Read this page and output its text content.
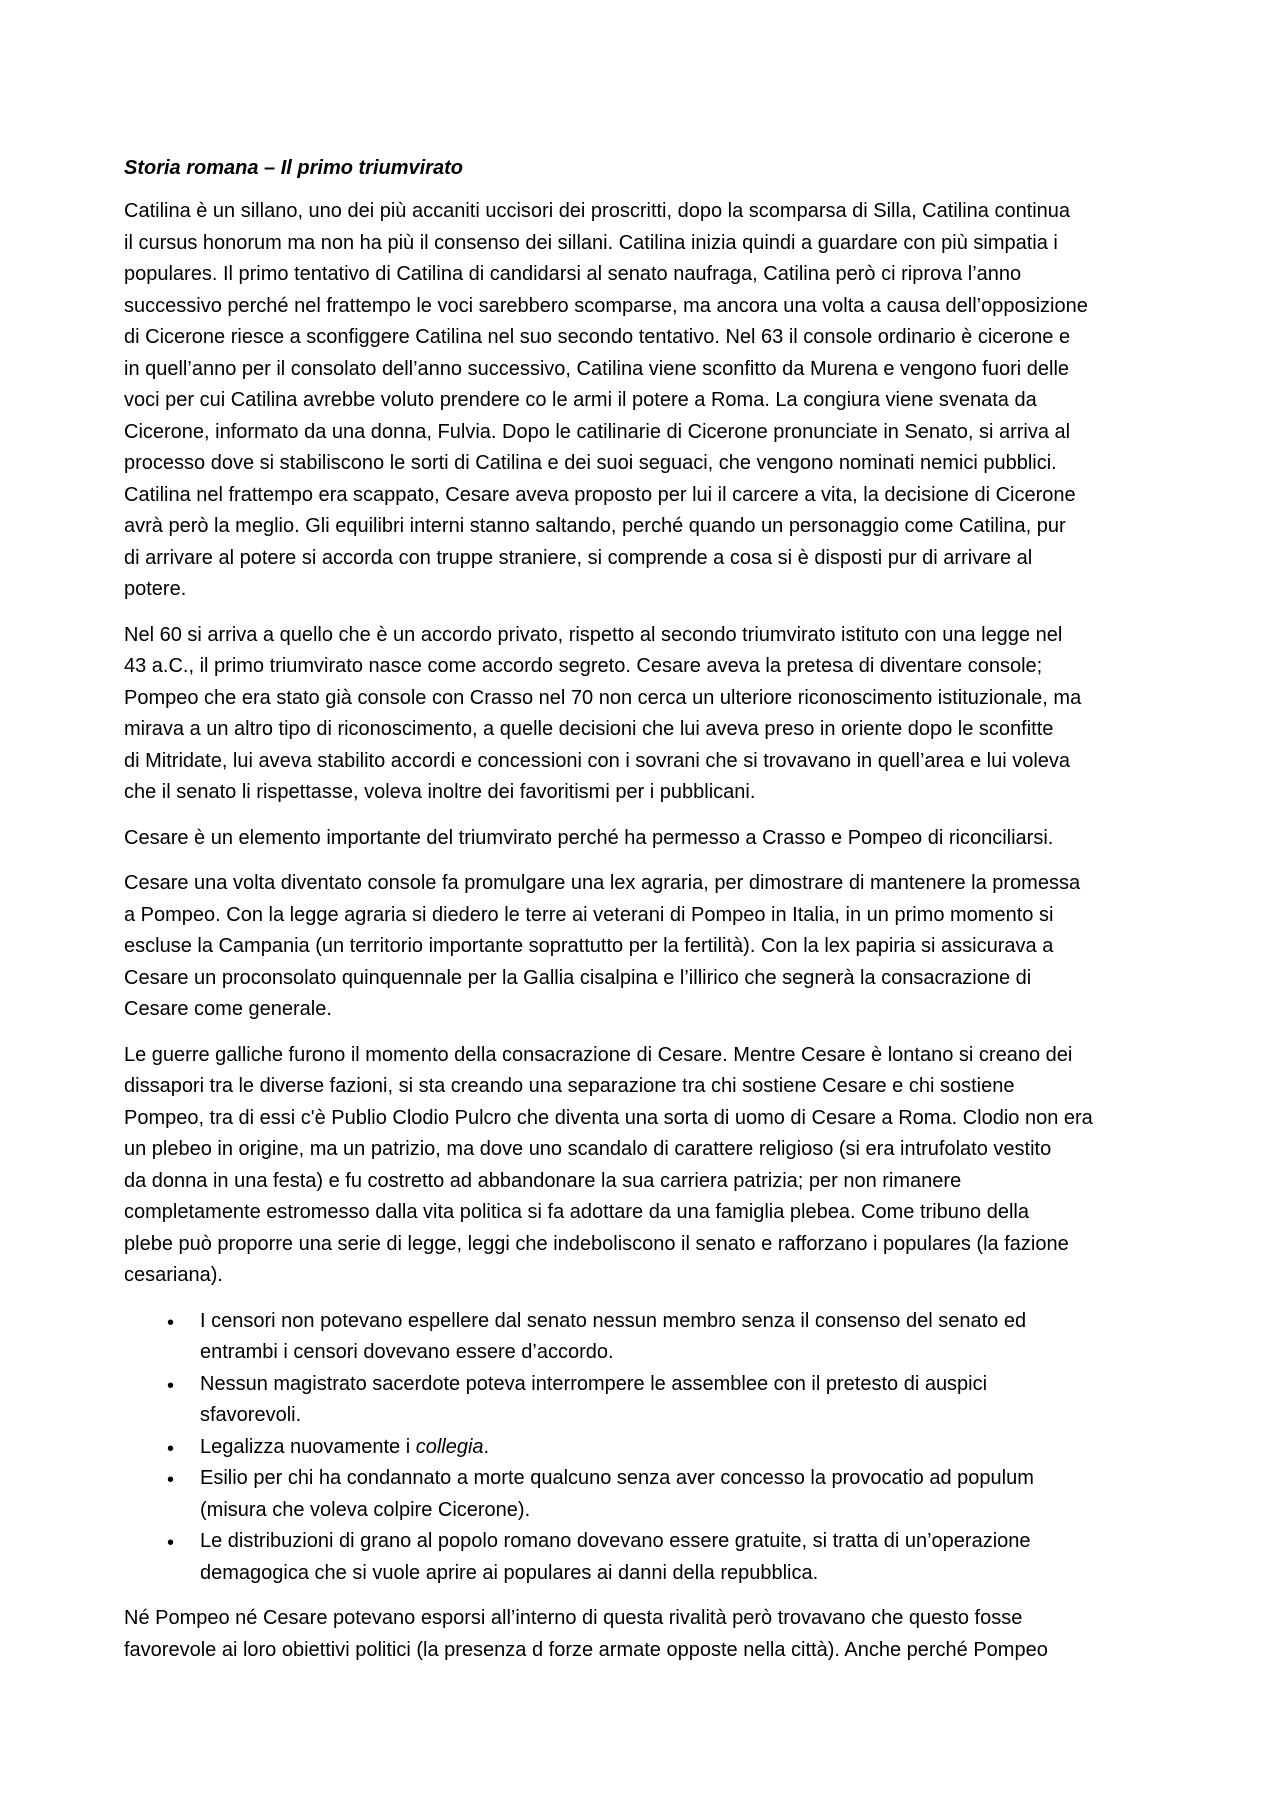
Storia romana – Il primo triumvirato
Catilina è un sillano, uno dei più accaniti uccisori dei proscritti, dopo la scomparsa di Silla, Catilina continua
il cursus honorum ma non ha più il consenso dei sillani. Catilina inizia quindi a guardare con più simpatia i
populares. Il primo tentativo di Catilina di candidarsi al senato naufraga, Catilina però ci riprova l’anno
successivo perché nel frattempo le voci sarebbero scomparse, ma ancora una volta a causa dell’opposizione
di Cicerone riesce a sconfiggere Catilina nel suo secondo tentativo. Nel 63 il console ordinario è cicerone e
in quell’anno per il consolato dell’anno successivo, Catilina viene sconfitto da Murena e vengono fuori delle
voci per cui Catilina avrebbe voluto prendere co le armi il potere a Roma. La congiura viene svenata da
Cicerone, informato da una donna, Fulvia. Dopo le catilinarie di Cicerone pronunciate in Senato, si arriva al
processo dove si stabiliscono le sorti di Catilina e dei suoi seguaci, che vengono nominati nemici pubblici.
Catilina nel frattempo era scappato, Cesare aveva proposto per lui il carcere a vita, la decisione di Cicerone
avrà però la meglio. Gli equilibri interni stanno saltando, perché quando un personaggio come Catilina, pur
di arrivare al potere si accorda con truppe straniere, si comprende a cosa si è disposti pur di arrivare al
potere.
Nel 60 si arriva a quello che è un accordo privato, rispetto al secondo triumvirato istituto con una legge nel
43 a.C., il primo triumvirato nasce come accordo segreto. Cesare aveva la pretesa di diventare console;
Pompeo che era stato già console con Crasso nel 70 non cerca un ulteriore riconoscimento istituzionale, ma
mirava a un altro tipo di riconoscimento, a quelle decisioni che lui aveva preso in oriente dopo le sconfitte
di Mitridate, lui aveva stabilito accordi e concessioni con i sovrani che si trovavano in quell’area e lui voleva
che il senato li rispettasse, voleva inoltre dei favoritismi per i pubblicani.
Cesare è un elemento importante del triumvirato perché ha permesso a Crasso e Pompeo di riconciliarsi.
Cesare una volta diventato console fa promulgare una lex agraria, per dimostrare di mantenere la promessa
a Pompeo. Con la legge agraria si diedero le terre ai veterani di Pompeo in Italia, in un primo momento si
escluse la Campania (un territorio importante soprattutto per la fertilità). Con la lex papiria si assicurava a
Cesare un proconsolato quinquennale per la Gallia cisalpina e l’illirico che segnerà la consacrazione di
Cesare come generale.
Le guerre galliche furono il momento della consacrazione di Cesare. Mentre Cesare è lontano si creano dei
dissapori tra le diverse fazioni, si sta creando una separazione tra chi sostiene Cesare e chi sostiene
Pompeo, tra di essi c'è Publio Clodio Pulcro che diventa una sorta di uomo di Cesare a Roma. Clodio non era
un plebeo in origine, ma un patrizio, ma dove uno scandalo di carattere religioso (si era intrufolato vestito
da donna in una festa) e fu costretto ad abbandonare la sua carriera patrizia; per non rimanere
completamente estromesso dalla vita politica si fa adottare da una famiglia plebea. Come tribuno della
plebe può proporre una serie di legge, leggi che indeboliscono il senato e rafforzano i populares (la fazione
cesariana).
• I censori non potevano espellere dal senato nessun membro senza il consenso del senato ed
entrambi i censori dovevano essere d’accordo.
• Nessun magistrato sacerdote poteva interrompere le assemblee con il pretesto di auspici
sfavorevoli.
• Legalizza nuovamente i collegia.
• Esilio per chi ha condannato a morte qualcuno senza aver concesso la provocatio ad populum
(misura che voleva colpire Cicerone).
• Le distribuzioni di grano al popolo romano dovevano essere gratuite, si tratta di un’operazione
demagogica che si vuole aprire ai populares ai danni della repubblica.
Né Pompeo né Cesare potevano esporsi all’interno di questa rivalità però trovavano che questo fosse
favorevole ai loro obiettivi politici (la presenza d forze armate opposte nella città). Anche perché Pompeo
